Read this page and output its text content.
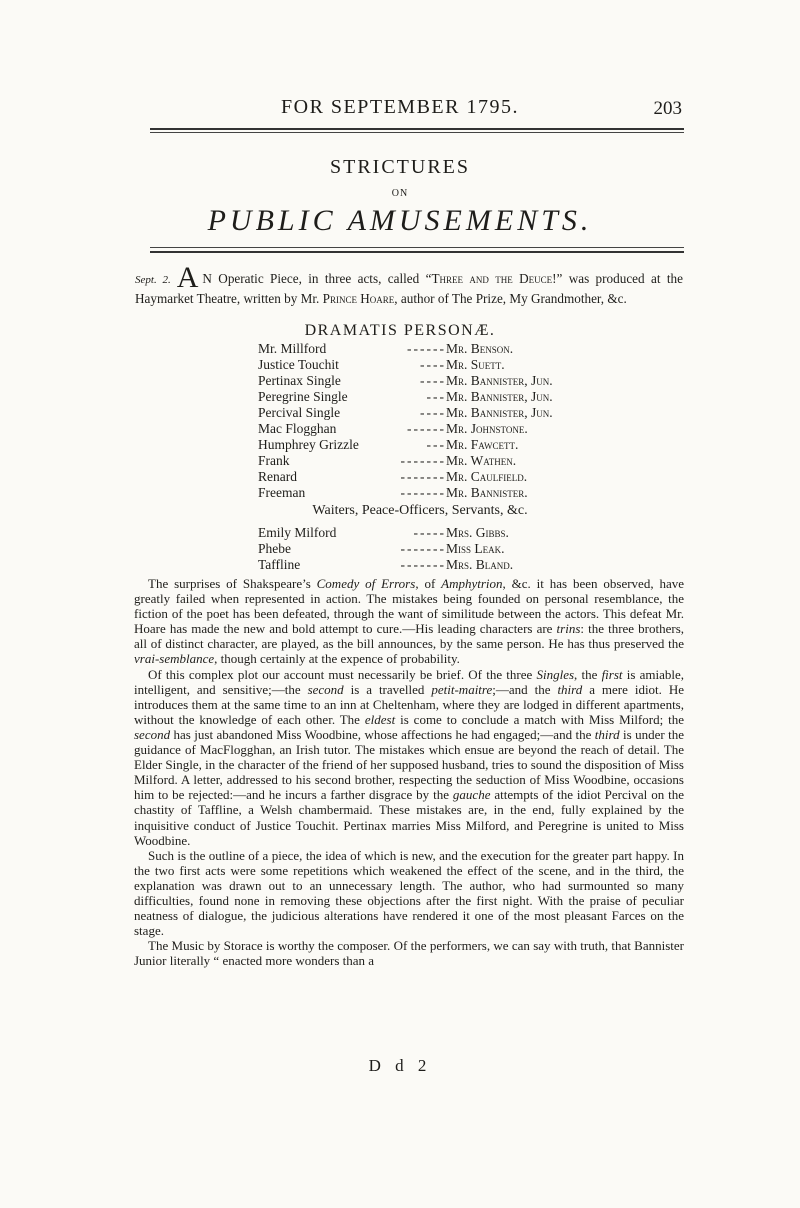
FOR SEPTEMBER 1795.	203
STRICTURES
ON
PUBLIC AMUSEMENTS.
Sept. 2. A N Operatic Piece, in three acts, called “Three and the Deuce!” was produced at the Haymarket Theatre, written by Mr. Prince Hoare, author of The Prize, My Grandmother, &c.
DRAMATIS PERSONÆ.
Mr. Millford	------ Mr. Benson.
Justice Touchit	---- Mr. Suett.
Pertinax Single	---- Mr. Bannister, Jun.
Peregrine Single	--- Mr. Bannister, Jun.
Percival Single	---- Mr. Bannister, Jun.
Mac Flogghan	------ Mr. Johnstone.
Humphrey Grizzle	--- Mr. Fawcett.
Frank	------- Mr. Wathen.
Renard	------- Mr. Caulfield.
Freeman	------- Mr. Bannister.
Waiters, Peace-Officers, Servants, &c.
Emily Milford	----- Mrs. Gibbs.
Phebe	------- Miss Leak.
Taffline	------- Mrs. Bland.

The surprises of Shakspeare’s Comedy of Errors, of Amphytrion, &c. it has been observed, have greatly failed when represented in action. The mistakes being founded on personal resemblance, the fiction of the poet has been defeated, through the want of similitude between the actors. This defeat Mr. Hoare has made the new and bold attempt to cure.—His leading characters are trins: the three brothers, all of distinct character, are played, as the bill announces, by the same person. He has thus preserved the vrai-semblance, though certainly at the expence of probability.

Of this complex plot our account must necessarily be brief. Of the three Singles, the first is amiable, intelligent, and sensitive;—the second is a travelled petit-maitre;—and the third a mere idiot. He introduces them at the same time to an inn at Cheltenham, where they are lodged in different apartments, without the knowledge of each other. The eldest is come to conclude a match with Miss Milford; the second has just abandoned Miss Woodbine, whose affections he had engaged;—and the third is under the guidance of MacFlogghan, an Irish tutor. The mistakes which ensue are beyond the reach of detail. The Elder Single, in the character of the friend of her supposed husband, tries to sound the disposition of Miss Milford. A letter, addressed to his second brother, respecting the seduction of Miss Woodbine, occasions him to be rejected:—and he incurs a farther disgrace by the gauche attempts of the idiot Percival on the chastity of Taffline, a Welsh chambermaid. These mistakes are, in the end, fully explained by the inquisitive conduct of Justice Touchit. Pertinax marries Miss Milford, and Peregrine is united to Miss Woodbine.

Such is the outline of a piece, the idea of which is new, and the execution for the greater part happy. In the two first acts were some repetitions which weakened the effect of the scene, and in the third, the explanation was drawn out to an unnecessary length. The author, who had surmounted so many difficulties, found none in removing these objections after the first night. With the praise of peculiar neatness of dialogue, the judicious alterations have rendered it one of the most pleasant Farces on the stage.

The Music by Storace is worthy the composer. Of the performers, we can say with truth, that Bannister Junior literally “ enacted more wonders than a

D d 2
